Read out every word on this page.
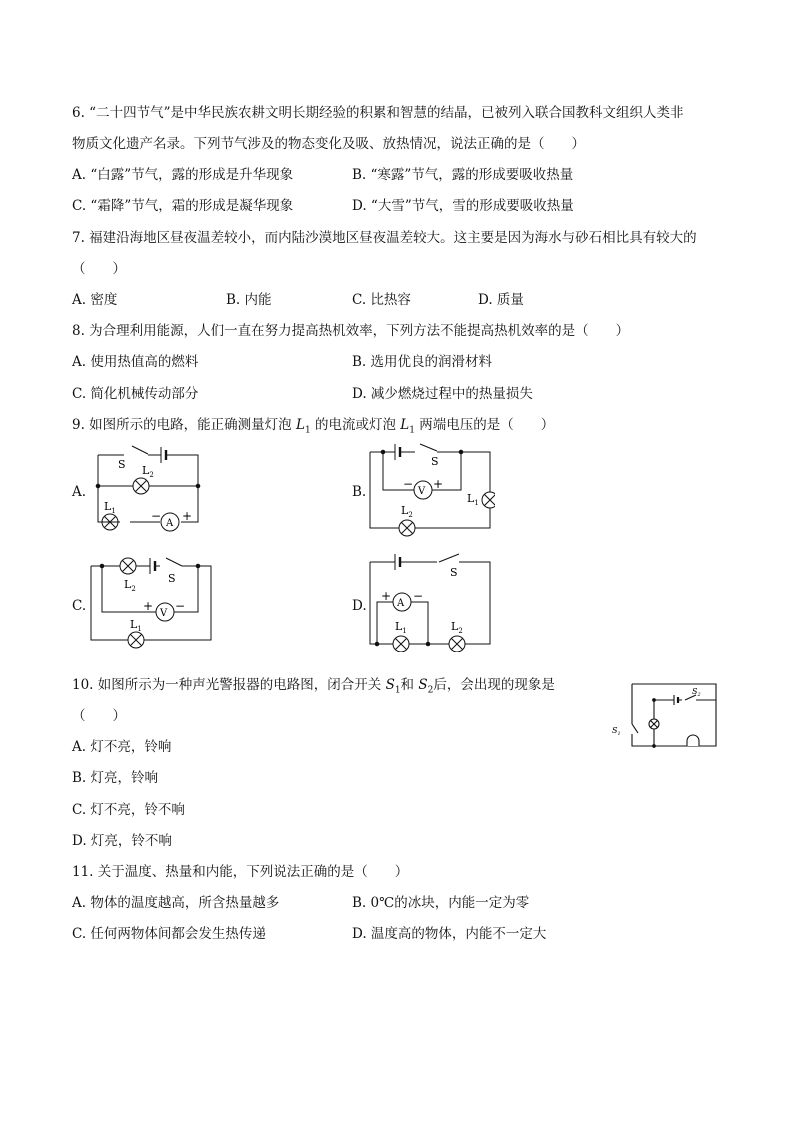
6. “二十四节气”是中华民族农耕文明长期经验的积累和智慧的结晶，已被列入联合国教科文组织人类非
物质文化遗产名录。下列节气涉及的物态变化及吸、放热情况，说法正确的是（　　）
A. “白露”节气，露的形成是升华现象	B. “寒露”节气，露的形成要吸收热量
C. “霜降”节气，霜的形成是凝华现象	D. “大雪”节气，雪的形成要吸收热量
7. 福建沿海地区昼夜温差较小，而内陆沙漠地区昼夜温差较大。这主要是因为海水与砂石相比具有较大的
（　　）
A. 密度	B. 内能	C. 比热容	D. 质量
8. 为合理利用能源，人们一直在努力提高热机效率，下列方法不能提高热机效率的是（　　）
A. 使用热值高的燃料	B. 选用优良的润滑材料
C. 简化机械传动部分	D. 减少燃烧过程中的热量损失
9. 如图所示的电路，能正确测量灯泡 $L_1$ 的电流或灯泡 $L_1$ 两端电压的是（　　）
A.	B.
C.	D.
S $L_2$
$L_1$
A
− +
S
V
− +
$L_1$
$L_2$
$L_2$
S
V
+ −
$L_1$
S
A
+ −
$L_1$	$L_2$
10. 如图所示为一种声光警报器的电路图，闭合开关 $S_1$和 $S_2$后，会出现的现象是
（　　）
A. 灯不亮，铃响
B. 灯亮，铃响
C. 灯不亮，铃不响
D. 灯亮，铃不响
$S_1$
$S_2$
11. 关于温度、热量和内能，下列说法正确的是（　　）
A. 物体的温度越高，所含热量越多	B. 0℃的冰块，内能一定为零
C. 任何两物体间都会发生热传递	D. 温度高的物体，内能不一定大
